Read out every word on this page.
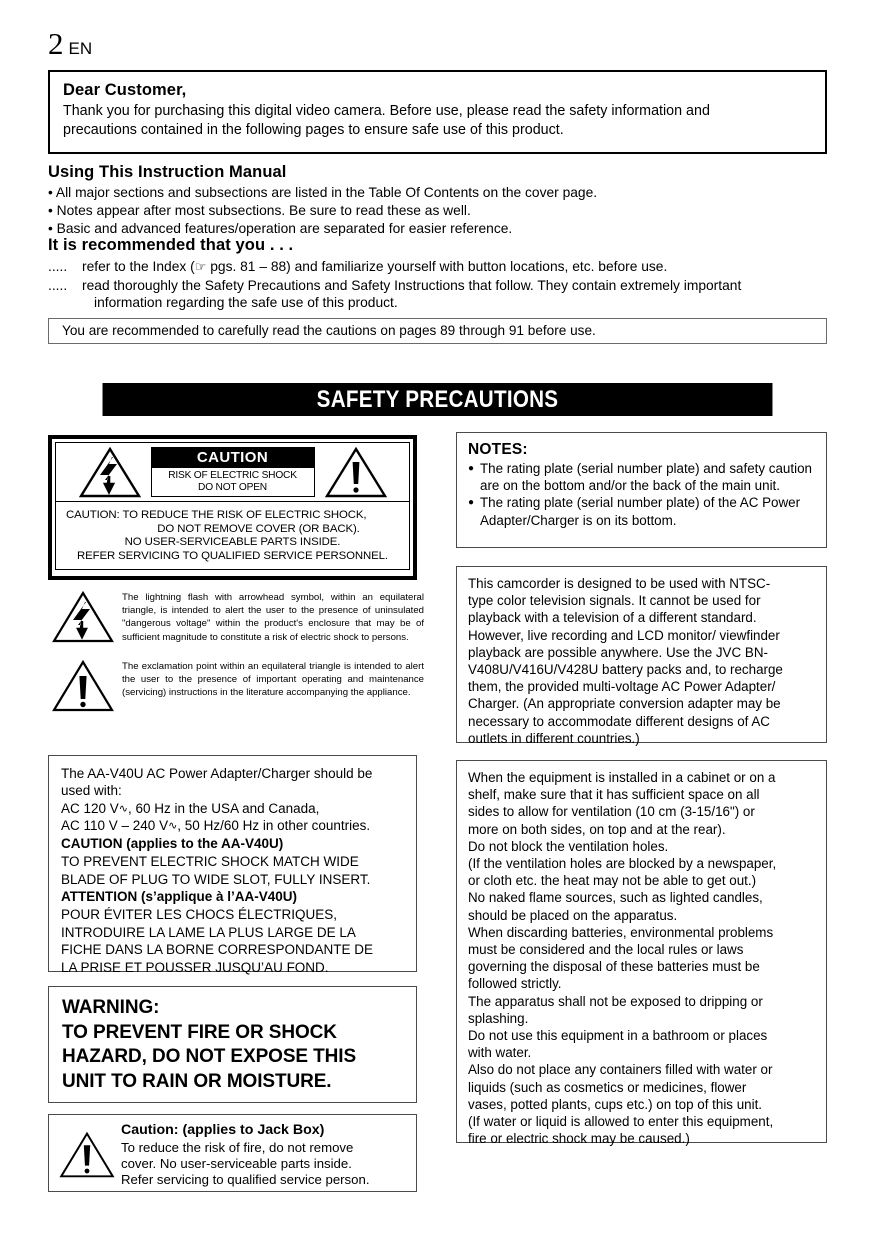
2 EN
Dear Customer,
Thank you for purchasing this digital video camera. Before use, please read the safety information and
precautions contained in the following pages to ensure safe use of this product.
Using This Instruction Manual
• All major sections and subsections are listed in the Table Of Contents on the cover page.
• Notes appear after most subsections. Be sure to read these as well.
• Basic and advanced features/operation are separated for easier reference.
It is recommended that you . . .
.....	refer to the Index (☞ pgs. 81 – 88) and familiarize yourself with button locations, etc. before use.
.....	read thoroughly the Safety Precautions and Safety Instructions that follow. They contain extremely important
information regarding the safe use of this product.
You are recommended to carefully read the cautions on pages 89 through 91 before use.
SAFETY PRECAUTIONS
CAUTION
RISK OF ELECTRIC SHOCK
DO NOT OPEN
CAUTION: TO REDUCE THE RISK OF ELECTRIC SHOCK,
DO NOT REMOVE COVER (OR BACK).
NO USER-SERVICEABLE PARTS INSIDE.
REFER SERVICING TO QUALIFIED SERVICE PERSONNEL.
The lightning flash with arrowhead symbol, within an equilateral triangle, is intended to alert the user to the presence of uninsulated "dangerous voltage" within the product's enclosure that may be of sufficient magnitude to constitute a risk of electric shock to persons.
The exclamation point within an equilateral triangle is intended to alert the user to the presence of important operating and maintenance (servicing) instructions in the literature accompanying the appliance.
The AA-V40U AC Power Adapter/Charger should be
used with:
AC 120 V∿, 60 Hz in the USA and Canada,
AC 110 V – 240 V∿, 50 Hz/60 Hz in other countries.
CAUTION (applies to the AA-V40U)
TO PREVENT ELECTRIC SHOCK MATCH WIDE
BLADE OF PLUG TO WIDE SLOT, FULLY INSERT.
ATTENTION (s’applique à l’AA-V40U)
POUR ÉVITER LES CHOCS ÉLECTRIQUES,
INTRODUIRE LA LAME LA PLUS LARGE DE LA
FICHE DANS LA BORNE CORRESPONDANTE DE
LA PRISE ET POUSSER JUSQU’AU FOND.
WARNING:
TO PREVENT FIRE OR SHOCK
HAZARD, DO NOT EXPOSE THIS
UNIT TO RAIN OR MOISTURE.
Caution: (applies to Jack Box)
To reduce the risk of fire, do not remove
cover. No user-serviceable parts inside.
Refer servicing to qualified service person.
NOTES:
● The rating plate (serial number plate) and safety caution are on the bottom and/or the back of the main unit.
● The rating plate (serial number plate) of the AC Power Adapter/Charger is on its bottom.
This camcorder is designed to be used with NTSC-
type color television signals. It cannot be used for
playback with a television of a different standard.
However, live recording and LCD monitor/ viewfinder
playback are possible anywhere. Use the JVC BN-
V408U/V416U/V428U battery packs and, to recharge
them, the provided multi-voltage AC Power Adapter/
Charger. (An appropriate conversion adapter may be
necessary to accommodate different designs of AC
outlets in different countries.)
When the equipment is installed in a cabinet or on a
shelf, make sure that it has sufficient space on all
sides to allow for ventilation (10 cm (3-15/16") or
more on both sides, on top and at the rear).
Do not block the ventilation holes.
(If the ventilation holes are blocked by a newspaper,
or cloth etc. the heat may not be able to get out.)
No naked flame sources, such as lighted candles,
should be placed on the apparatus.
When discarding batteries, environmental problems
must be considered and the local rules or laws
governing the disposal of these batteries must be
followed strictly.
The apparatus shall not be exposed to dripping or
splashing.
Do not use this equipment in a bathroom or places
with water.
Also do not place any containers filled with water or
liquids (such as cosmetics or medicines, flower
vases, potted plants, cups etc.) on top of this unit.
(If water or liquid is allowed to enter this equipment,
fire or electric shock may be caused.)
